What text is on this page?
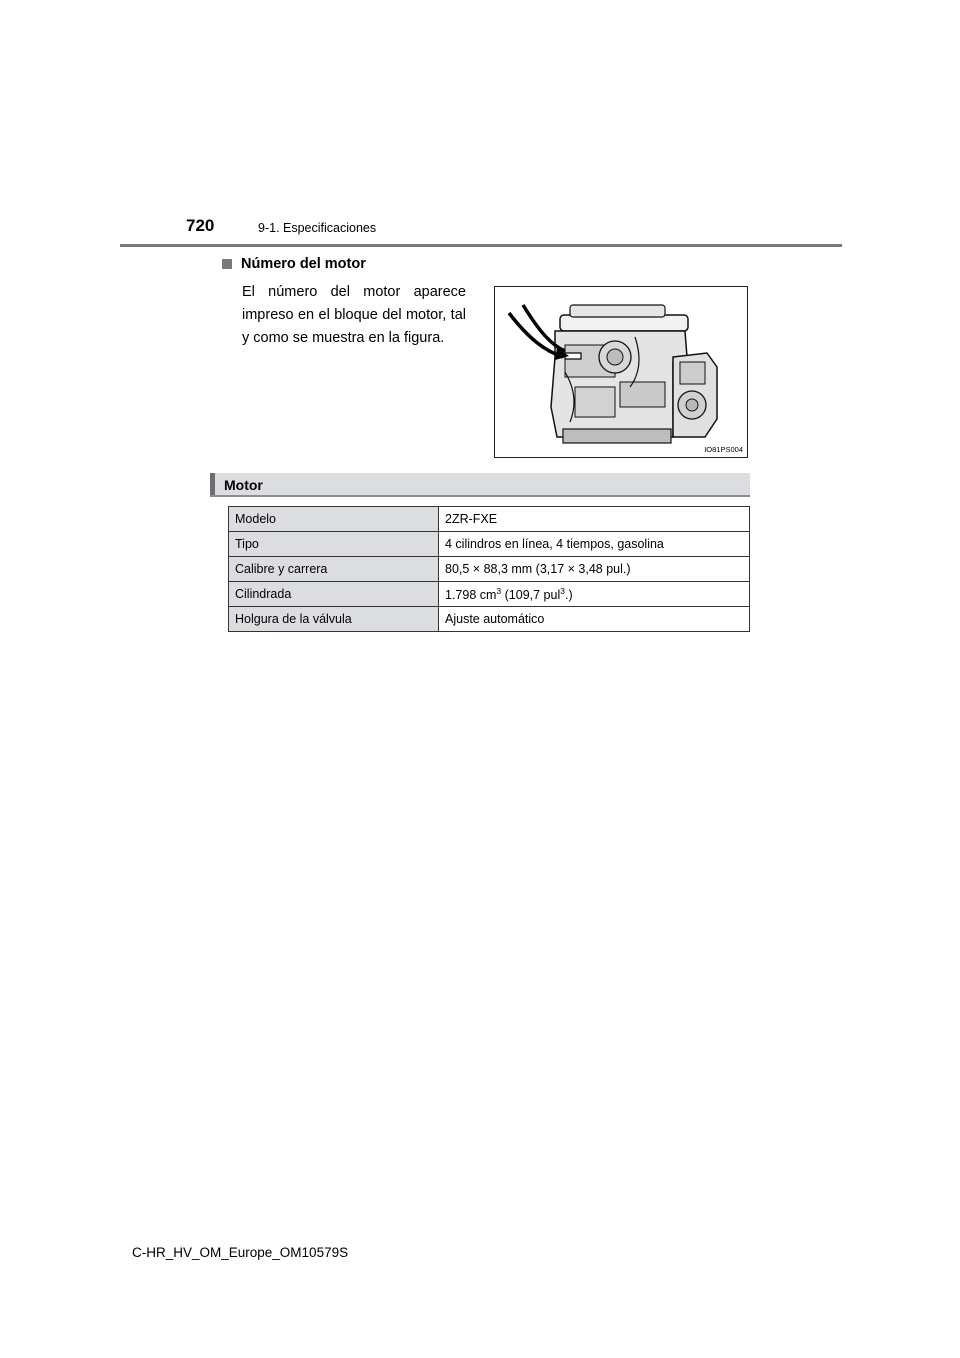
720	9-1. Especificaciones
Número del motor
El número del motor aparece impreso en el bloque del motor, tal y como se muestra en la figura.
IO81PS004
Motor
Modelo	2ZR-FXE
Tipo	4 cilindros en línea, 4 tiempos, gasolina
Calibre y carrera	80,5 × 88,3 mm (3,17 × 3,48 pul.)
Cilindrada	1.798 $cm^3$ (109,7 pul$^3$.)
Holgura de la válvula	Ajuste automático
C-HR_HV_OM_Europe_OM10579S
